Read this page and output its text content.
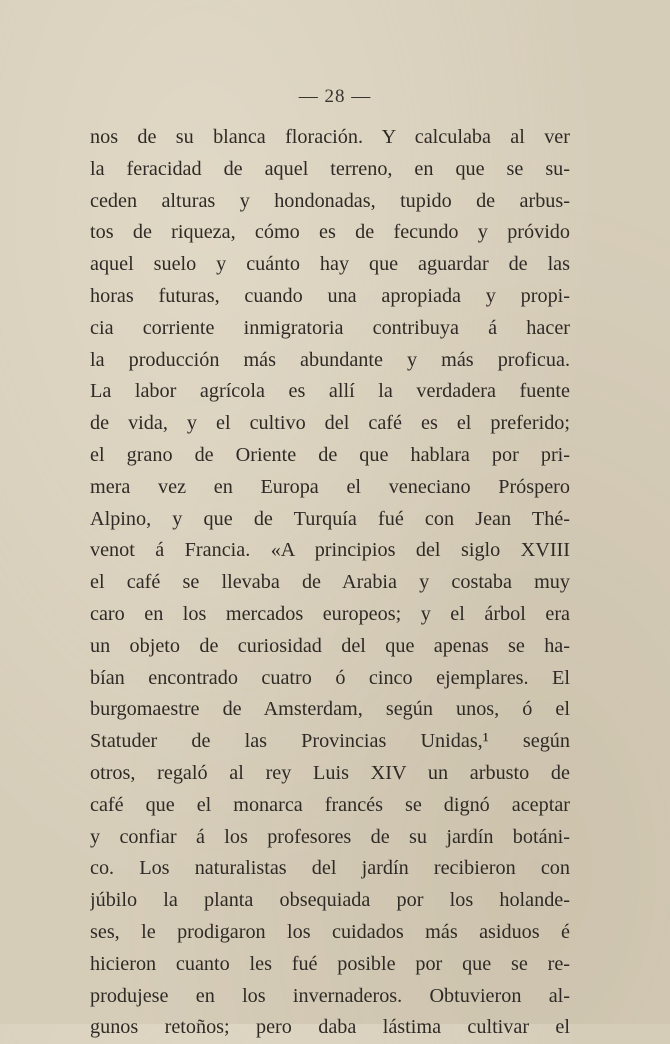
— 28 —
nos de su blanca floración. Y calculaba al ver
la feracidad de aquel terreno, en que se su-
ceden alturas y hondonadas, tupido de arbus-
tos de riqueza, cómo es de fecundo y próvido
aquel suelo y cuánto hay que aguardar de las
horas futuras, cuando una apropiada y propi-
cia corriente inmigratoria contribuya á hacer
la producción más abundante y más proficua.
La labor agrícola es allí la verdadera fuente
de vida, y el cultivo del café es el preferido;
el grano de Oriente de que hablara por pri-
mera vez en Europa el veneciano Próspero
Alpino, y que de Turquía fué con Jean Thé-
venot á Francia. «A principios del siglo XVIII
el café se llevaba de Arabia y costaba muy
caro en los mercados europeos; y el árbol era
un objeto de curiosidad del que apenas se ha-
bían encontrado cuatro ó cinco ejemplares. El
burgomaestre de Amsterdam, según unos, ó el
Statuder de las Provincias Unidas,¹ según
otros, regaló al rey Luis XIV un arbusto de
café que el monarca francés se dignó aceptar
y confiar á los profesores de su jardín botáni-
co. Los naturalistas del jardín recibieron con
júbilo la planta obsequiada por los holande-
ses, le prodigaron los cuidados más asiduos é
hicieron cuanto les fué posible por que se re-
produjese en los invernaderos. Obtuvieron al-
gunos retoños; pero daba lástima cultivar el
